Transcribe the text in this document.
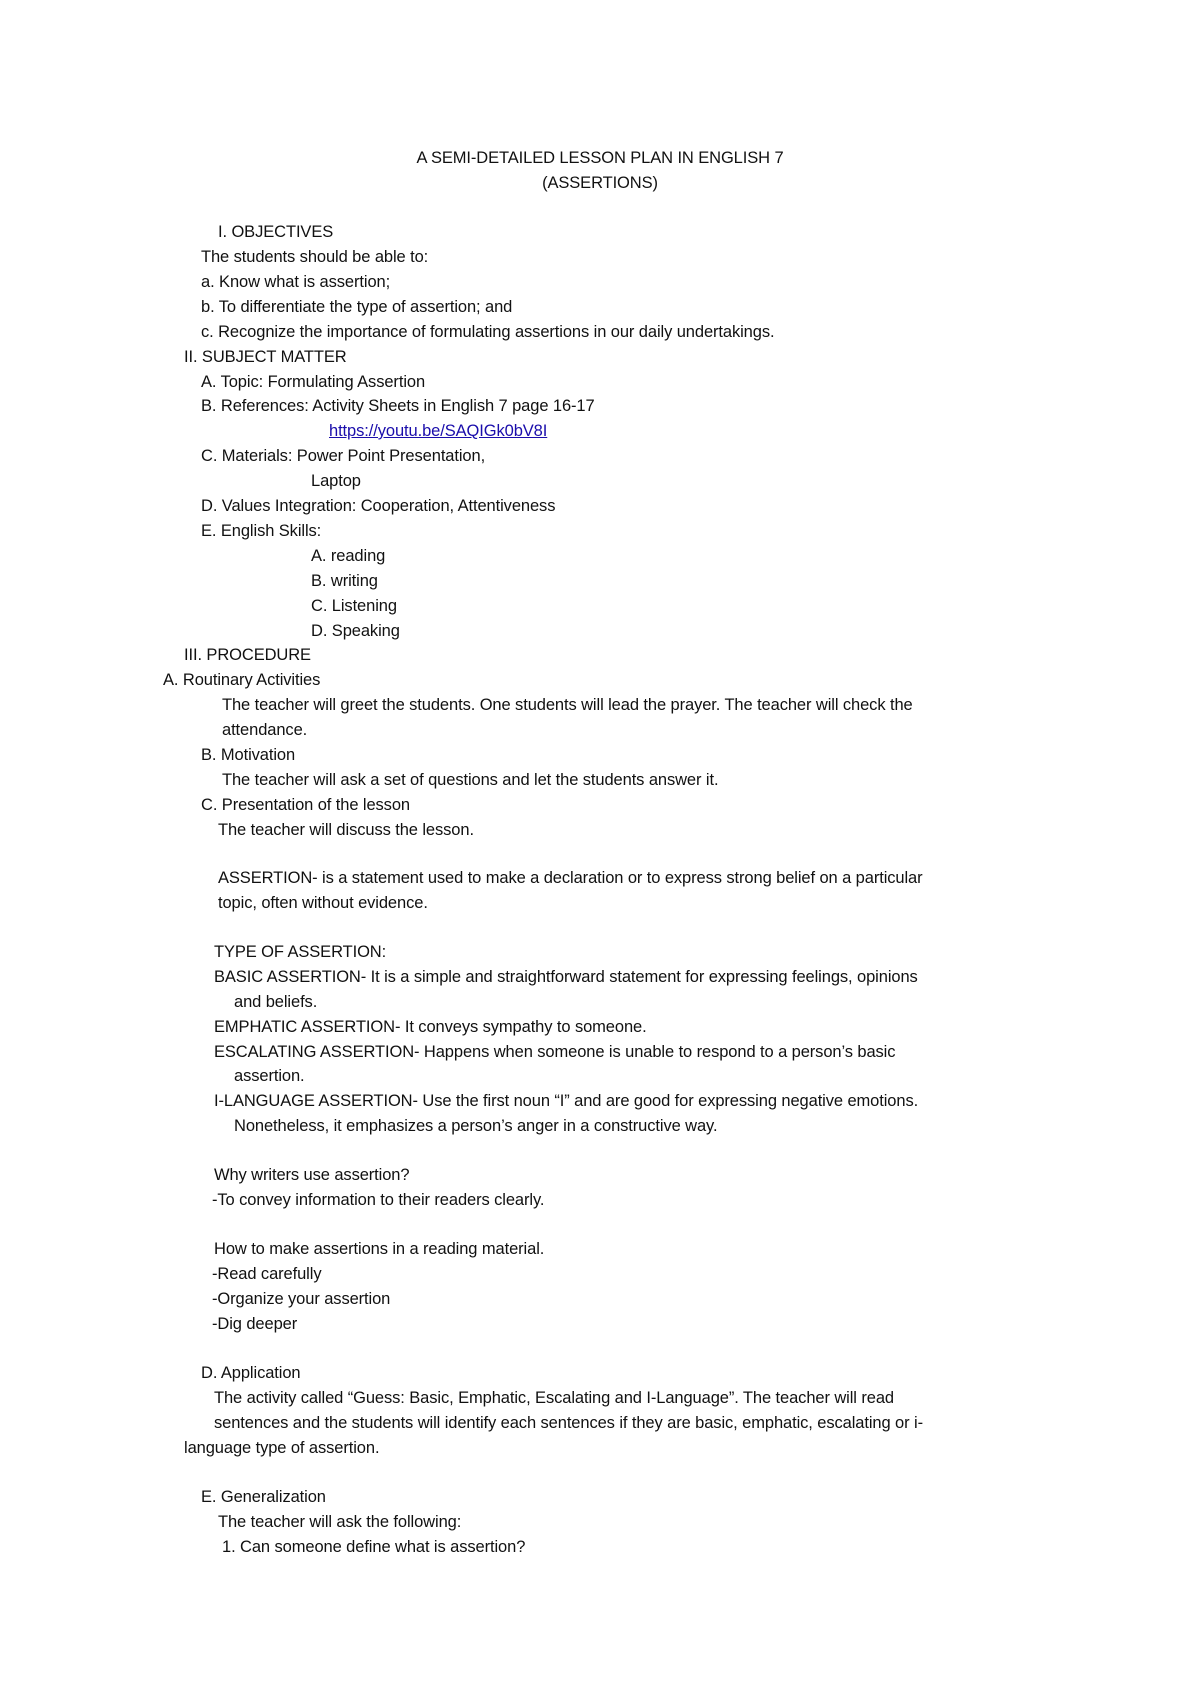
A SEMI-DETAILED LESSON PLAN IN ENGLISH 7
(ASSERTIONS)
I. OBJECTIVES
The students should be able to:
a. Know what is assertion;
b. To differentiate the type of assertion; and
c. Recognize the importance of formulating assertions in our daily undertakings.
II. SUBJECT MATTER
A. Topic: Formulating Assertion
B. References: Activity Sheets in English 7 page 16-17
https://youtu.be/SAQIGk0bV8I
C. Materials: Power Point Presentation,
Laptop
D. Values Integration: Cooperation, Attentiveness
E. English Skills:
A. reading
B. writing
C. Listening
D. Speaking
III. PROCEDURE
A. Routinary Activities
The teacher will greet the students. One students will lead the prayer. The teacher will check the
attendance.
B. Motivation
The teacher will ask a set of questions and let the students answer it.
C. Presentation of the lesson
The teacher will discuss the lesson.
ASSERTION- is a statement used to make a declaration or to express strong belief on a particular
topic, often without evidence.
TYPE OF ASSERTION:
BASIC ASSERTION- It is a simple and straightforward statement for expressing feelings, opinions
and beliefs.
EMPHATIC ASSERTION- It conveys sympathy to someone.
ESCALATING ASSERTION- Happens when someone is unable to respond to a person’s basic
assertion.
I-LANGUAGE ASSERTION- Use the first noun “I” and are good for expressing negative emotions.
Nonetheless, it emphasizes a person’s anger in a constructive way.
Why writers use assertion?
-To convey information to their readers clearly.
How to make assertions in a reading material.
-Read carefully
-Organize your assertion
-Dig deeper
D. Application
The activity called “Guess: Basic, Emphatic, Escalating and I-Language”. The teacher will read
sentences and the students will identify each sentences if they are basic, emphatic, escalating or i-
language type of assertion.
E. Generalization
The teacher will ask the following:
1. Can someone define what is assertion?
